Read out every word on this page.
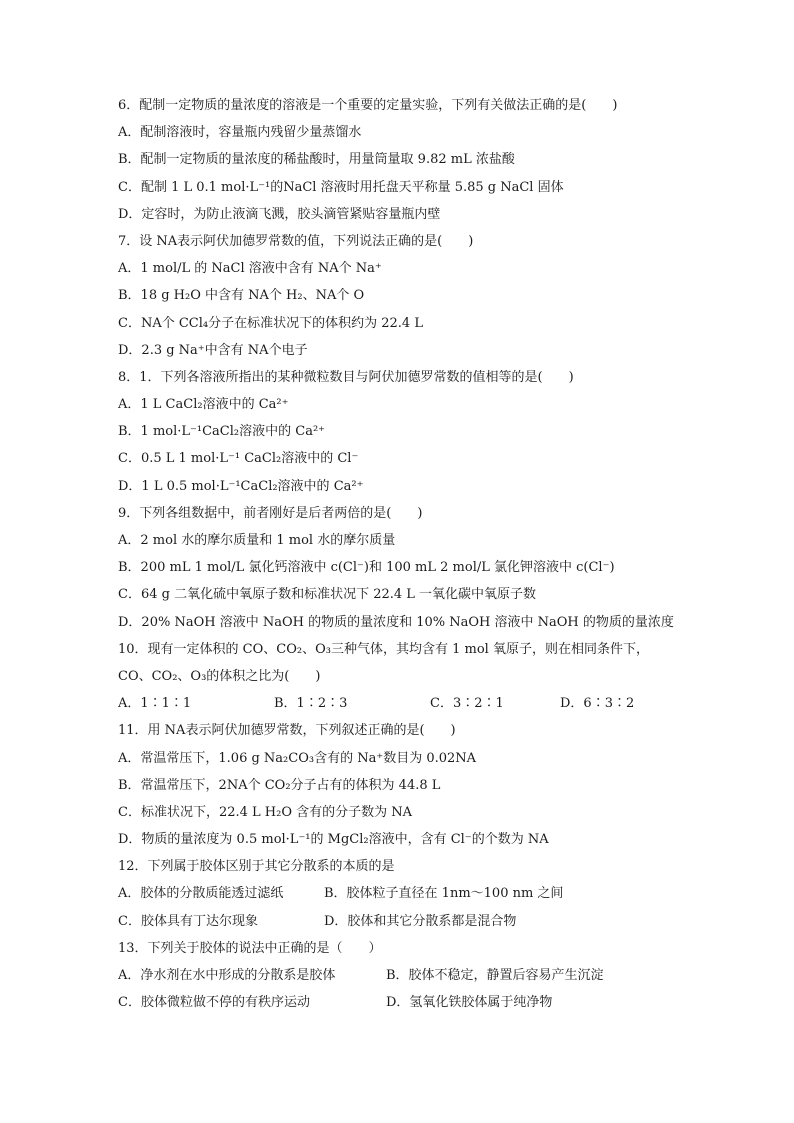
6．配制一定物质的量浓度的溶液是一个重要的定量实验，下列有关做法正确的是(　　)
A．配制溶液时，容量瓶内残留少量蒸馏水
B．配制一定物质的量浓度的稀盐酸时，用量筒量取 9.82 mL 浓盐酸
C．配制 1 L 0.1 mol·L⁻¹的NaCl 溶液时用托盘天平称量 5.85 g NaCl 固体
D．定容时，为防止液滴飞溅，胶头滴管紧贴容量瓶内壁
7．设 NA表示阿伏加德罗常数的值，下列说法正确的是(　　)
A．1 mol/L 的 NaCl 溶液中含有 NA个 Na⁺
B．18 g H₂O 中含有 NA个 H₂、NA个 O
C．NA个 CCl₄分子在标准状况下的体积约为 22.4 L
D．2.3 g Na⁺中含有 NA个电子
8．1．下列各溶液所指出的某种微粒数目与阿伏加德罗常数的值相等的是(　　)
A．1 L CaCl₂溶液中的 Ca²⁺
B．1 mol·L⁻¹CaCl₂溶液中的 Ca²⁺
C．0.5 L 1 mol·L⁻¹ CaCl₂溶液中的 Cl⁻
D．1 L 0.5 mol·L⁻¹CaCl₂溶液中的 Ca²⁺
9．下列各组数据中，前者刚好是后者两倍的是(　　)
A．2 mol 水的摩尔质量和 1 mol 水的摩尔质量
B．200 mL 1 mol/L 氯化钙溶液中 c(Cl⁻)和 100 mL 2 mol/L 氯化钾溶液中 c(Cl⁻)
C．64 g 二氧化硫中氧原子数和标准状况下 22.4 L 一氧化碳中氧原子数
D．20% NaOH 溶液中 NaOH 的物质的量浓度和 10% NaOH 溶液中 NaOH 的物质的量浓度
10．现有一定体积的 CO、CO₂、O₃三种气体，其均含有 1 mol 氧原子，则在相同条件下，
CO、CO₂、O₃的体积之比为(　　)
A．1∶1∶1	B．1∶2∶3	C．3∶2∶1	D．6∶3∶2
11．用 NA表示阿伏加德罗常数，下列叙述正确的是(　　)
A．常温常压下，1.06 g Na₂CO₃含有的 Na⁺数目为 0.02NA
B．常温常压下，2NA个 CO₂分子占有的体积为 44.8 L
C．标准状况下，22.4 L H₂O 含有的分子数为 NA
D．物质的量浓度为 0.5 mol·L⁻¹的 MgCl₂溶液中，含有 Cl⁻的个数为 NA
12．下列属于胶体区别于其它分散系的本质的是
A．胶体的分散质能透过滤纸	B．胶体粒子直径在 1nm～100 nm 之间
C．胶体具有丁达尔现象	D．胶体和其它分散系都是混合物
13．下列关于胶体的说法中正确的是（　　）
A．净水剂在水中形成的分散系是胶体	B．胶体不稳定，静置后容易产生沉淀
C．胶体微粒做不停的有秩序运动	D．氢氧化铁胶体属于纯净物
